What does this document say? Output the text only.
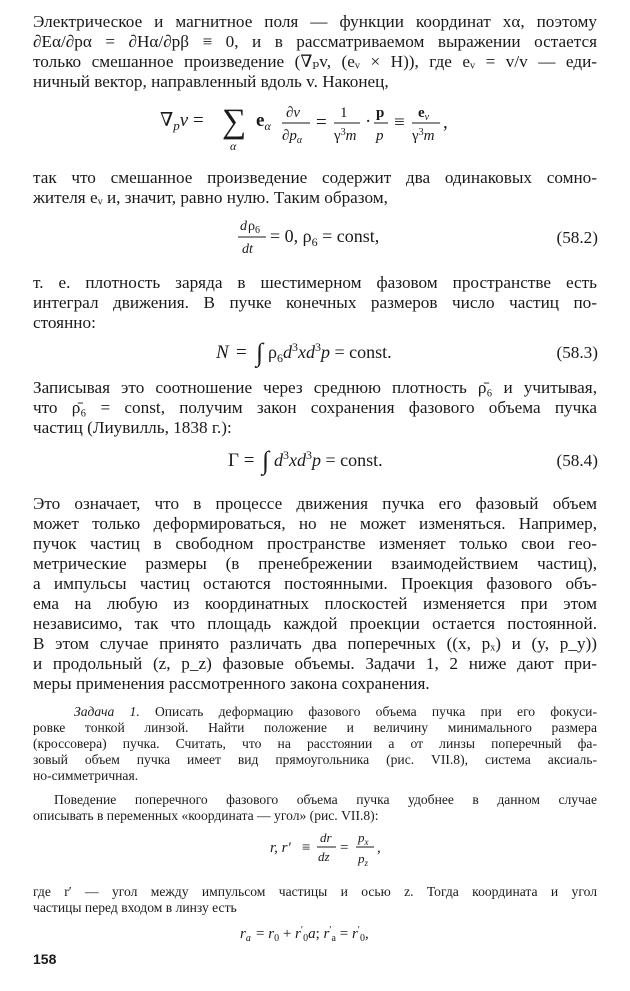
Электрическое и магнитное поля — функции координат xα, поэтому
∂Eα/∂pα = ∂Hα/∂pβ ≡ 0, и в рассматриваемом выражении остается
только смешанное произведение (∇ₚv, (eᵥ × H)), где eᵥ = v/v — еди-
ничный вектор, направленный вдоль v. Наконец,
$\nabla_pv$ = ∑
α
$e_\alpha$
∂v
$\partial p_\alpha$
= 1
$\gamma^3m$
· p
p
≡ $e_v$
$\gamma^3m$
,
так что смешанное произведение содержит два одинаковых сомно-
жителя eᵥ и, значит, равно нулю. Таким образом,
d $\rho_6$
dt
= 0, $\rho_6$ = const,	(58.2)
т. е. плотность заряда в шестимерном фазовом пространстве есть
интеграл движения. В пучке конечных размеров число частиц по-
стоянно:
N = ∫ $\rho_6d^3xd^3p$ = const.	(58.3)
Записывая это соотношение через среднюю плотность ρ̄₆ и учитывая,
что ρ̄₆ = const, получим закон сохранения фазового объема пучка
частиц (Лиувилль, 1838 г.):
Γ = ∫ $d^3xd^3p$ = const.	(58.4)
Это означает, что в процессе движения пучка его фазовый объем
может только деформироваться, но не может изменяться. Например,
пучок частиц в свободном пространстве изменяет только свои гео-
метрические размеры (в пренебрежении взаимодействием частиц),
а импульсы частиц остаются постоянными. Проекция фазового объ-
ема на любую из координатных плоскостей изменяется при этом
независимо, так что площадь каждой проекции остается постоянной.
В этом случае принято различать два поперечных ((x, pₓ) и (y, p_y))
и продольный (z, p_z) фазовые объемы. Задачи 1, 2 ниже дают при-
меры применения рассмотренного закона сохранения.
Задача 1. Описать деформацию фазового объема пучка при его фокуси-
ровке тонкой линзой. Найти положение и величину минимального размера
(кроссовера) пучка. Считать, что на расстоянии a от линзы поперечный фа-
зовый объем пучка имеет вид прямоугольника (рис. VII.8), система аксиаль-
но-симметричная.
Поведение поперечного фазового объема пучка удобнее в данном случае
описывать в переменных «координата — угол» (рис. VII.8):
r, r′ ≡
dr
dz
=
$p_x$
$p_z$
,
где r′ — угол между импульсом частицы и осью z. Тогда координата и угол
частицы перед входом в линзу есть
$r_a = r_0 + r'_0a$; $r'_a = r'_0$,
158
